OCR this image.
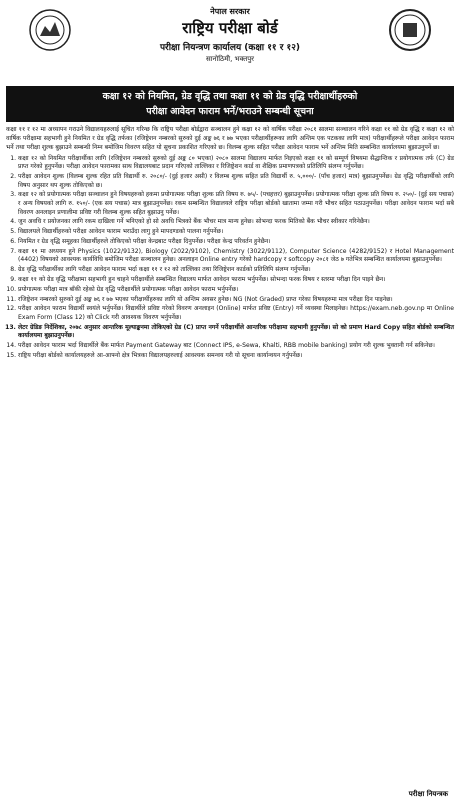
नेपाल सरकार
राष्ट्रिय परीक्षा बोर्ड
परीक्षा नियन्त्रण कार्यालय (कक्षा ११ र १२)
सानोठिमी, भक्तपुर
कक्षा १२ को नियमित, ग्रेड वृद्धि तथा कक्षा ११ को ग्रेड वृद्धि परीक्षार्थीहरुको
परीक्षा आवेदन फाराम भर्ने/भराउने सम्बन्धी सूचना

कक्षा ११ र १२ मा अध्यापन गराउने विद्यालयहरुलाई सूचित गरिन्छ कि राष्ट्रिय परीक्षा बोर्डद्वारा सञ्चालन हुने कक्षा १२ को वार्षिक परीक्षा २०८१ सालमा सञ्चालन गरिने कक्षा ११ को ग्रेड वृद्धि र कक्षा १२ को वार्षिक परीक्षामा सहभागी हुने नियमित र ग्रेड वृद्धि तर्फका (रजिष्ट्रेशन नम्बरको सुरुको दुई अङ्क ७६ र ७७ भएका परीक्षार्थीहरूका लागि अन्तिम एक पटकका लागि मात्र) परीक्षार्थीहरूले परीक्षा आवेदन फाराम भर्ने तथा परीक्षा शुल्क बुझाउने सम्बन्धी निम्न बमोजिम विवरण सहित यो सूचना प्रकाशित गरिएको छ। विलम्ब शुल्क सहित परीक्षा आवेदन फाराम भर्ने अन्तिम मिति सम्बन्धित कार्यालयमा बुझाउनुपर्ने छ।

1. कक्षा १२ को नियमित परीक्षार्थीका लागि (रजिष्ट्रेशन नम्बरको सुरुको दुई अङ्क ८० भएका) २०८० सालमा विद्यालय मार्फत निइएको कक्षा ११ को सम्पूर्ण विषयमा सैद्धान्तिक र प्रयोगात्मक तर्फ (C) ग्रेड प्राप्त गरेको हुनुपर्नेछ। परीक्षा आवेदन फारामका साथ विद्यालयबाट प्रदान गरिएको ताल्लिका र रिजिष्ट्रेशन कार्ड वा शैक्षिक प्रमाणपत्रको प्रतिलिपि संलग्न गर्नुपर्नेछ।
2. परीक्षा आवेदन शुल्क (विलम्ब शुल्क रहित प्रति विद्यार्थी रु. २०८०/- (दुई हजार असी) र विलम्ब शुल्क सहित प्रति विद्यार्थी रु. ५,०००/- (पाँच हजार) मात्र) बुझाउनुपर्नेछ। ग्रेड वृद्धि परीक्षार्थीको लागि विषय अनुसार थप शुल्क तोकिएको छ।
3. कक्षा १२ को प्रयोगात्मक परीक्षा सञ्चालन हुने विषयहरुको हकमा प्रयोगात्मक परीक्षा शुल्क प्रति विषय रु. ७५/- (पचहत्तर) बुझाउनुपर्नेछ। प्रयोगात्मक परीक्षा शुल्क प्रति विषय रु. २५०/- (दुई सय पचास) र अन्य विषयको लागि रु. १५०/- (एक सय पचास) मात्र बुझाउनुपर्नेछ। रकम सम्बन्धित विद्यालयले राष्ट्रिय परीक्षा बोर्डको खातामा जम्मा गरी भौचर सहित पठाउनुपर्नेछ। परीक्षा आवेदन फाराम भर्दा सबै विवरण अनलाइन प्रणालीमा प्रविष्ट गरी विलम्ब शुल्क सहित बुझाउनु पर्नेछ।
4. जुन अवधि र प्रयोजनका लागि रकम दाखिला गर्ने भनिएको हो सो अवधि भित्रको बैंक भौचर मात्र मान्य हुनेछ। सोभन्दा फरक मितिको बैंक भौचर स्वीकार गरिनेछैन।
5. विद्यालयले विद्यार्थीहरुको परीक्षा आवेदन फाराम भराउँदा लागु हुने मापदण्डको पालना गर्नुपर्नेछ।
6. नियमित र ग्रेड वृद्धि समूहका विद्यार्थीहरुले तोकिएको परीक्षा केन्द्रबाट परीक्षा दिनुपर्नेछ। परीक्षा केन्द्र परिवर्तन हुनेछैन।
7. कक्षा ११ मा अध्ययन हुने Physics (1022/9132), Biology (2022/9102), Chemistry (3022/9112), Computer Science (4282/9152) र Hotel Management (4402) विषयको आवश्यक कार्यविधि बमोजिम परीक्षा सञ्चालन हुनेछ। अनलाइन Online entry गरेको hardcopy र softcopy २०८१ जेठ ७ गतेभित्र सम्बन्धित कार्यालयमा बुझाउनुपर्नेछ।
8. ग्रेड वृद्धि परीक्षार्थीका लागि परीक्षा आवेदन फाराम भर्दा कक्षा ११ र १२ को ताल्लिका तथा रिजिष्ट्रेशन कार्डको प्रतिलिपि संलग्न गर्नुपर्नेछ।
9. कक्षा ११ को ग्रेड वृद्धि परीक्षामा सहभागी हुन चाहने परीक्षार्थीले सम्बन्धित विद्यालय मार्फत आवेदन फाराम भर्नुपर्नेछ। सोभन्दा फरक विषय र स्तरमा परीक्षा दिन पाइने छैन।
10. प्रयोगात्मक परीक्षा मात्र बाँकी रहेको ग्रेड वृद्धि परीक्षार्थीले प्रयोगात्मक परीक्षा आवेदन फाराम भर्नुपर्नेछ।
11. रजिष्ट्रेशन नम्बरको सुरुको दुई अङ्क ७६ र ७७ भएका परीक्षार्थीहरुका लागि यो अन्तिम अवसर हुनेछ। NG (Not Graded) प्राप्त गरेका विषयहरुमा मात्र परीक्षा दिन पाइनेछ।
12. परीक्षा आवेदन फाराम विद्यार्थी स्वयंले भर्नुपर्नेछ। विद्यार्थीले प्रविष्ट गरेको विवरण अनलाइन (Online) मार्फत प्रविष्ट (Entry) गर्ने व्यवस्था मिलाइनेछ। https://exam.neb.gov.np मा Online Exam Form (Class 12) को Click गरी आवश्यक विवरण भर्नुपर्नेछ।
13. लेटर ग्रेडिङ निर्देशिका, २०७८ अनुसार आन्तरिक मूल्याङ्कनमा तोकिएको ग्रेड (C) प्राप्त नगर्ने परीक्षार्थीले आन्तरिक परीक्षामा सहभागी हुनुपर्नेछ। सो को प्रमाण Hard Copy सहित बोर्डको सम्बन्धित कार्यालयमा बुझाउनुपर्नेछ।
14. परीक्षा आवेदन फाराम भर्दा विद्यार्थीले बैंक मार्फत Payment Gateway बाट (Connect IPS, e-Sewa, Khalti, RBB mobile banking) प्रयोग गरी शुल्क भुक्तानी गर्न सकिनेछ।
15. राष्ट्रिय परीक्षा बोर्डको कार्यालयहरुले आ-आफ्नो क्षेत्र भित्रका विद्यालयहरुलाई आवश्यक समन्वय गरी यो सूचना कार्यान्वयन गर्नुपर्नेछ।
परीक्षा नियन्त्रक
